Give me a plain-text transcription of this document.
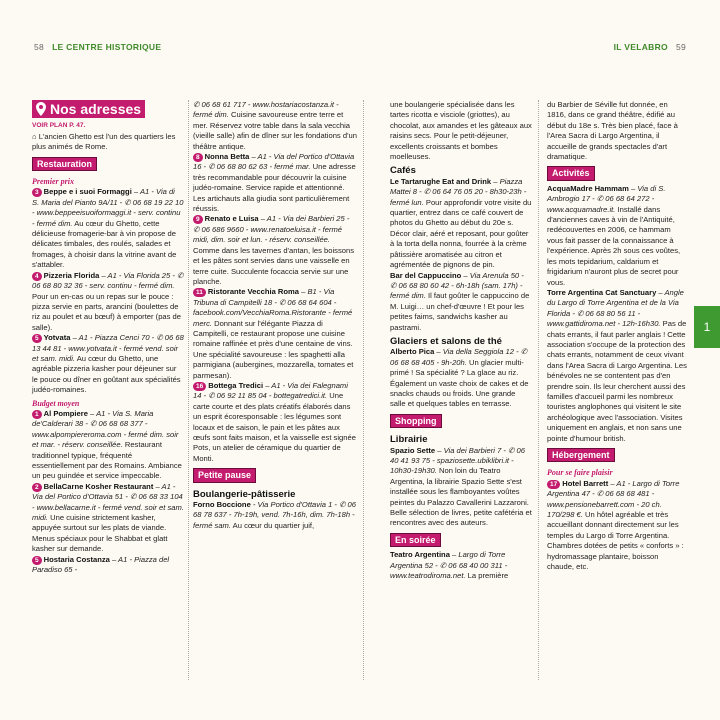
58 LE CENTRE HISTORIQUE	IL VELABRO 59
1
Nos adresses
VOIR PLAN P. 47.

⌂ L'ancien Ghetto est l'un des quartiers les plus animés de Rome.

Restauration
Premier prix

3 Beppe e i suoi Formaggi – A1 - Via di S. Maria del Pianto 9A/11 - ✆ 06 68 19 22 10 - www.beppeeisuoiformaggi.it - serv. continu - fermé dim. Au cœur du Ghetto, cette délicieuse fromagerie-bar à vin propose de délicates timbales, des roulés, salades et fromages, à choisir dans la vitrine avant de s'attabler.

4 Pizzeria Florida – A1 - Via Florida 25 - ✆ 06 68 80 32 36 - serv. continu - fermé dim. Pour un en-cas ou un repas sur le pouce : pizza servie en parts, arancini (boulettes de riz au poulet et au bœuf) à emporter (pas de salle).

5 Yotvata – A1 - Piazza Cenci 70 - ✆ 06 68 13 44 81 - www.yotvata.it - fermé vend. soir et sam. midi. Au cœur du Ghetto, une agréable pizzeria kasher pour déjeuner sur le pouce ou dîner en goûtant aux spécialités judéo-romaines.

Budget moyen

1 Al Pompiere – A1 - Via S. Maria de'Calderari 38 - ✆ 06 68 68 377 - www.alpompiereroma.com - fermé dim. soir et mar. - réserv. conseillée. Restaurant traditionnel typique, fréquenté essentiellement par des Romains. Ambiance un peu guindée et service impeccable.

2 BellaCarne Kosher Restaurant – A1 - Via del Portico d'Ottavia 51 - ✆ 06 68 33 104 - www.bellacarne.it - fermé vend. soir et sam. midi. Une cuisine strictement kasher, appuyée surtout sur les plats de viande. Menus spéciaux pour le Shabbat et glatt kasher sur demande.

5 Hostaria Costanza – A1 - Piazza del Paradiso 65 -

✆ 06 68 61 717 - www.hostariacostanza.it - fermé dim. Cuisine savoureuse entre terre et mer. Réservez votre table dans la sala vecchia (vieille salle) afin de dîner sur les fondations d'un théâtre antique.

8 Nonna Betta – A1 - Via del Portico d'Ottavia 16 - ✆ 06 68 80 62 63 - fermé mar. Une adresse très recommandable pour découvrir la cuisine judéo-romaine. Service rapide et attentionné. Les artichauts alla giudia sont particulièrement réussis.

9 Renato e Luisa – A1 - Via dei Barbieri 25 - ✆ 06 686 9660 - www.renatoeluisa.it - fermé midi, dim. soir et lun. - réserv. conseillée. Comme dans les tavernes d'antan, les boissons et les pâtes sont servies dans une vaisselle en terre cuite. Succulente focaccia servie sur une planche.

11 Ristorante Vecchia Roma – B1 - Via Tribuna di Campitelli 18 - ✆ 06 68 64 604 - facebook.com/VecchiaRoma.Ristorante - fermé merc. Donnant sur l'élégante Piazza di Campitelli, ce restaurant propose une cuisine romaine raffinée et près d'une centaine de vins. Une spécialité savoureuse : les spaghetti alla parmigiana (aubergines, mozzarella, tomates et parmesan).

16 Bottega Tredici – A1 - Via dei Falegnami 14 - ✆ 06 92 11 85 04 - bottegatredici.it. Une carte courte et des plats créatifs élaborés dans un esprit écoresponsable : les légumes sont locaux et de saison, le pain et les pâtes aux œufs sont faits maison, et la vaisselle est signée Pots, un atelier de céramique du quartier de Monti.

Petite pause
Boulangerie-pâtisserie

Forno Boccione - Via Portico d'Ottavia 1 - ✆ 06 68 78 637 - 7h-19h, vend. 7h-16h, dim. 7h-18h - fermé sam. Au cœur du quartier juif,

une boulangerie spécialisée dans les tartes ricotta e visciole (griottes), au chocolat, aux amandes et les gâteaux aux raisins secs. Pour le petit-déjeuner, excellents croissants et bombes moelleuses.

Cafés

Le Tartarughe Eat and Drink – Piazza Mattei 8 - ✆ 06 64 76 05 20 - 8h30-23h - fermé lun. Pour approfondir votre visite du quartier, entrez dans ce café couvert de photos du Ghetto au début du 20e s. Décor clair, aéré et reposant, pour goûter à la torta della nonna, fourrée à la crème pâtissière aromatisée au citron et agrémentée de pignons de pin.

Bar del Cappuccino – Via Arenula 50 - ✆ 06 68 80 60 42 - 6h-18h (sam. 17h) - fermé dim. Il faut goûter le cappuccino de M. Luigi… un chef-d'œuvre ! Et pour les petites faims, sandwichs kasher au pastrami.

Glaciers et salons de thé

Alberto Pica – Via della Seggiola 12 - ✆ 06 68 68 405 - 9h-20h. Un glacier multi-primé ! Sa spécialité ? La glace au riz. Également un vaste choix de cakes et de snacks chauds ou froids. Une grande salle et quelques tables en terrasse.

Shopping
Librairie

Spazio Sette – Via dei Barbieri 7 - ✆ 06 40 41 93 75 - spaziosette.ubiklibri.it - 10h30-19h30. Non loin du Teatro Argentina, la librairie Spazio Sette s'est installée sous les flamboyantes voûtes peintes du Palazzo Cavallerini Lazzaroni. Belle sélection de livres, petite cafétéria et rencontres avec des auteurs.

En soirée

Teatro Argentina – Largo di Torre Argentina 52 - ✆ 06 68 40 00 311 - www.teatrodiroma.net. La première

du Barbier de Séville fut donnée, en 1816, dans ce grand théâtre, édifié au début du 18e s. Très bien placé, face à l'Area Sacra di Largo Argentina, il accueille de grands spectacles d'art dramatique.

Activités

AcquaMadre Hammam – Via di S. Ambrogio 17 - ✆ 06 68 64 272 - www.acquamadre.it. Installé dans d'anciennes caves à vin de l'Antiquité, redécouvertes en 2006, ce hammam vous fait passer de la connaissance à l'expérience. Après 2h sous ces voûtes, les mots tepidarium, caldarium et frigidarium n'auront plus de secret pour vous.

Torre Argentina Cat Sanctuary – Angle du Largo di Torre Argentina et de la Via Florida - ✆ 06 68 80 56 11 - www.gattidiroma.net - 12h-16h30. Pas de chats errants, il faut parler anglais ! Cette association s'occupe de la protection des chats errants, notamment de ceux vivant dans l'Area Sacra di Largo Argentina. Les bénévoles ne se contentent pas d'en prendre soin. Ils leur cherchent aussi des familles d'accueil parmi les nombreux touristes anglophones qui visitent le site archéologique avec l'association. Visites uniquement en anglais, et non sans une pointe d'humour british.

Hébergement
Pour se faire plaisir

17 Hotel Barrett – A1 - Largo di Torre Argentina 47 - ✆ 06 68 68 481 - www.pensionebarrett.com - 20 ch. 170/298 €. Un hôtel agréable et très accueillant donnant directement sur les temples du Largo di Torre Argentina. Chambres dotées de petits « conforts » : hydromassage plantaire, boisson chaude, etc.
